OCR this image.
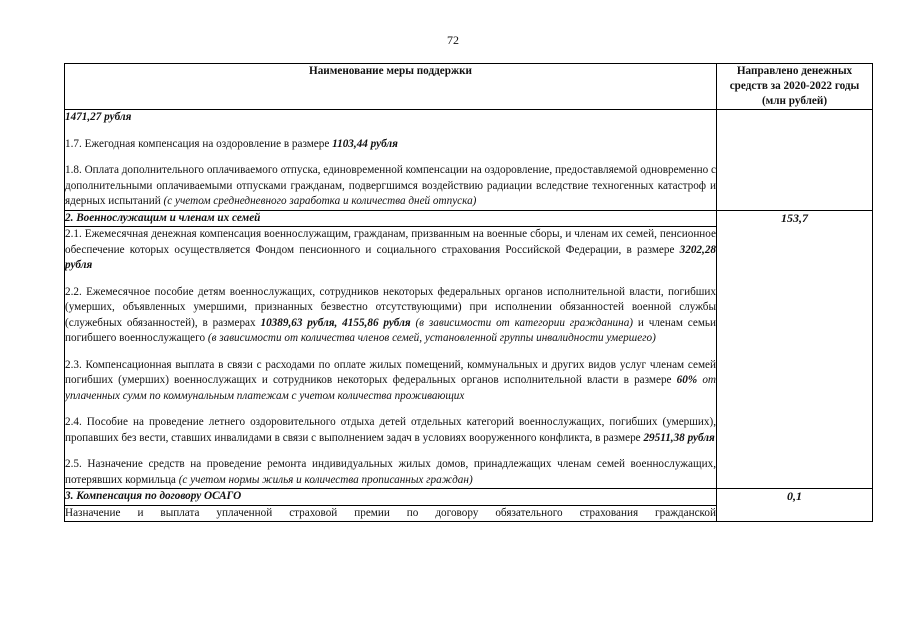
72
Наименование меры поддержки	Направлено денежных
средств за 2020-2022 годы
(млн рублей)

1471,27 рубля

1.7. Ежегодная компенсация на оздоровление в размере 1103,44 рубля

1.8. Оплата дополнительного оплачиваемого отпуска, единовременной компенсации на оздоровление, предоставляемой одновременно с дополнительными оплачиваемыми отпусками гражданам, подвергшимся воздействию радиации вследствие техногенных катастроф и ядерных испытаний (с учетом среднедневного заработка и количества дней отпуска)	

2. Военнослужащим и членам их семей	153,7

2.1. Ежемесячная денежная компенсация военнослужащим, гражданам, призванным на военные сборы, и членам их семей, пенсионное обеспечение которых осуществляется Фондом пенсионного и социального страхования Российской Федерации, в размере 3202,28 рубля

2.2. Ежемесячное пособие детям военнослужащих, сотрудников некоторых федеральных органов исполнительной власти, погибших (умерших, объявленных умершими, признанных безвестно отсутствующими) при исполнении обязанностей военной службы (служебных обязанностей), в размерах 10389,63 рубля, 4155,86 рубля (в зависимости от категории гражданина) и членам семьи погибшего военнослужащего (в зависимости от количества членов семей, установленной группы инвалидности умершего)

2.3. Компенсационная выплата в связи с расходами по оплате жилых помещений, коммунальных и других видов услуг членам семей погибших (умерших) военнослужащих и сотрудников некоторых федеральных органов исполнительной власти в размере 60% от уплаченных сумм по коммунальным платежам с учетом количества проживающих

2.4. Пособие на проведение летнего оздоровительного отдыха детей отдельных категорий военнослужащих, погибших (умерших), пропавших без вести, ставших инвалидами в связи с выполнением задач в условиях вооруженного конфликта, в размере 29511,38 рубля

2.5. Назначение средств на проведение ремонта индивидуальных жилых домов, принадлежащих членам семей военнослужащих, потерявших кормильца (с учетом нормы жилья и количества прописанных граждан)	

3. Компенсация по договору ОСАГО	0,1

Назначение и выплата уплаченной страховой премии по договору обязательного страхования гражданской	
